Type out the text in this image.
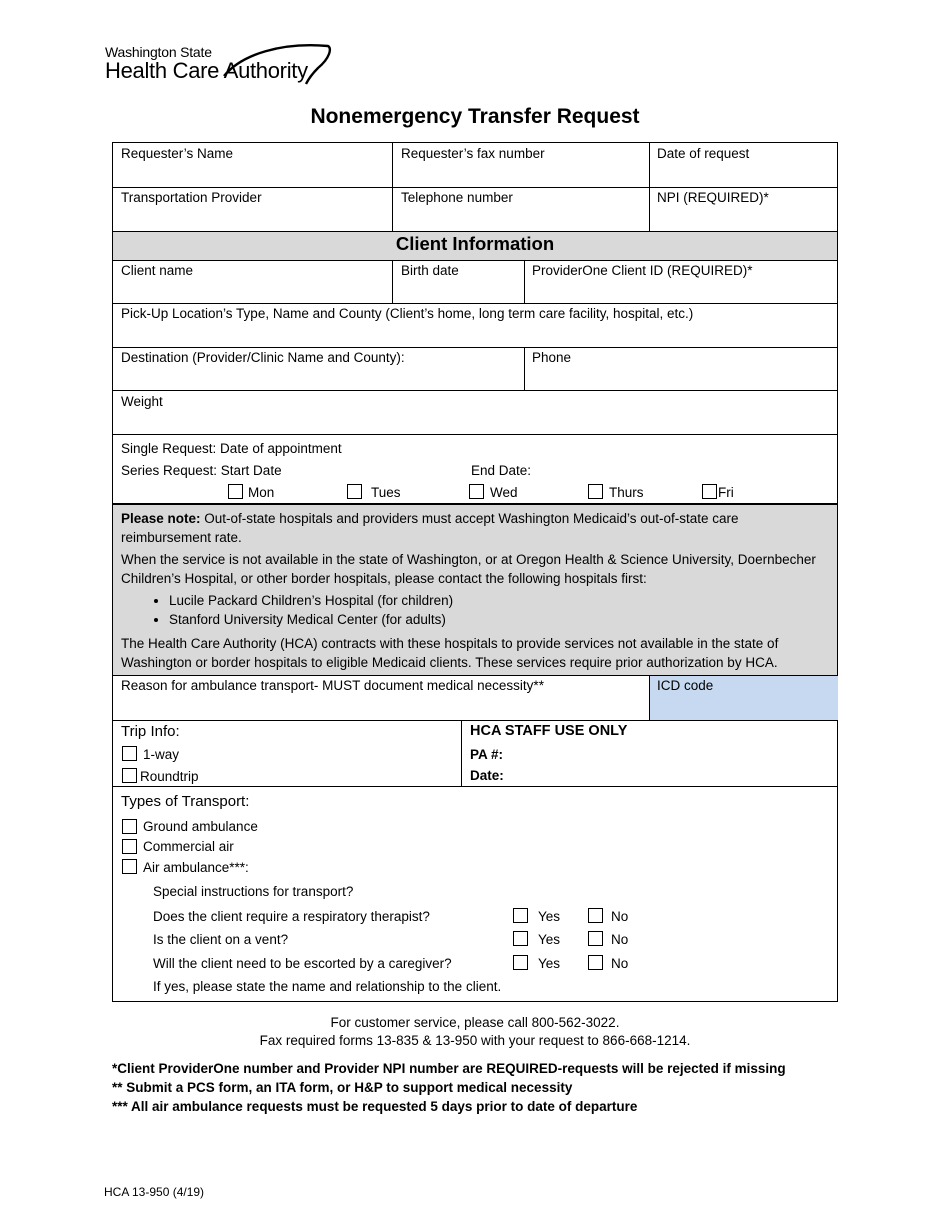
Washington State
Health Care Authority
Nonemergency Transfer Request
Requester’s Name	Requester’s fax number	Date of request
Transportation Provider	Telephone number	NPI (REQUIRED)*
Client Information
Client name	Birth date	ProviderOne Client ID (REQUIRED)*
Pick-Up Location’s Type, Name and County (Client’s home, long term care facility, hospital, etc.)
Destination (Provider/Clinic Name and County):	Phone
Weight
Single Request: Date of appointment
Series Request: Start Date	End Date:
Mon	Tues	Wed	Thurs	Fri

Please note: Out-of-state hospitals and providers must accept Washington Medicaid’s out-of-state care reimbursement rate.

When the service is not available in the state of Washington, or at Oregon Health & Science University, Doernbecher Children’s Hospital, or other border hospitals, please contact the following hospitals first:

• Lucile Packard Children’s Hospital (for children)
• Stanford University Medical Center (for adults)

The Health Care Authority (HCA) contracts with these hospitals to provide services not available in the state of Washington or border hospitals to eligible Medicaid clients. These services require prior authorization by HCA.

Reason for ambulance transport- MUST document medical necessity**	ICD code
Trip Info:
1-way
Roundtrip
HCA STAFF USE ONLY
PA #:
Date:
Types of Transport:
Ground ambulance
Commercial air
Air ambulance***:
Special instructions for transport?
Does the client require a respiratory therapist?	Yes	No
Is the client on a vent?	Yes	No
Will the client need to be escorted by a caregiver?	Yes	No
If yes, please state the name and relationship to the client.
For customer service, please call 800-562-3022.
Fax required forms 13-835 & 13-950 with your request to 866-668-1214.
*Client ProviderOne number and Provider NPI number are REQUIRED-requests will be rejected if missing
** Submit a PCS form, an ITA form, or H&P to support medical necessity
*** All air ambulance requests must be requested 5 days prior to date of departure
HCA 13-950 (4/19)
